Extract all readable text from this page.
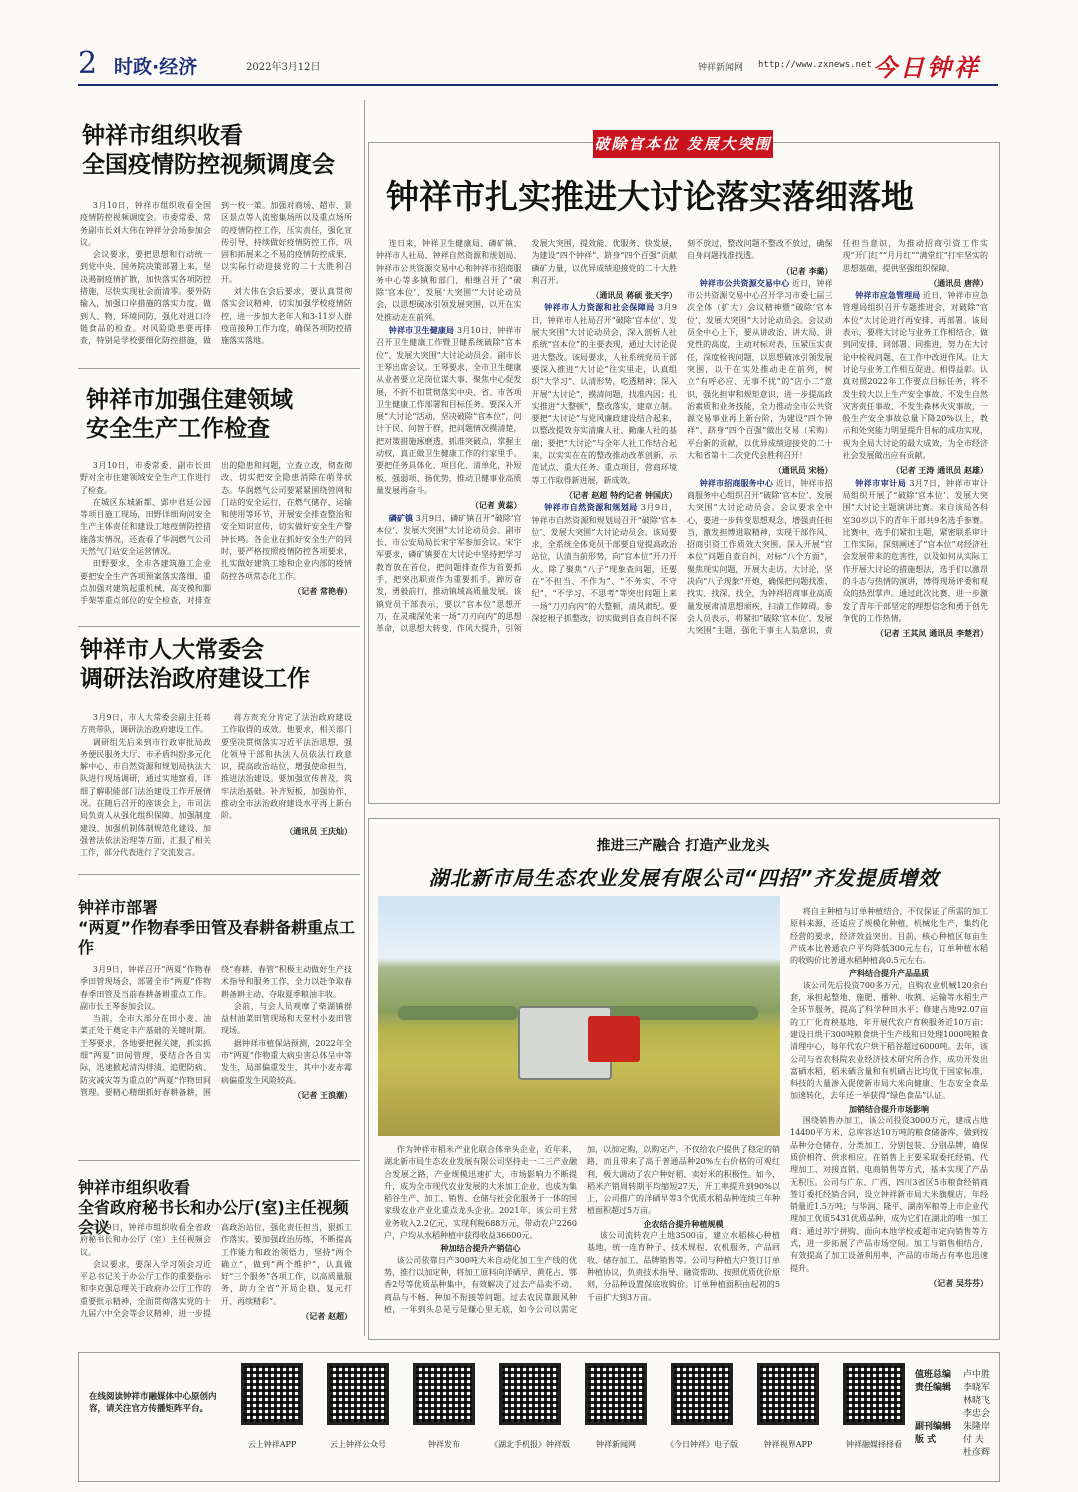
2 时政·经济	2022年3月12日	钟祥新闻网 http://www.zxnews.net 今日钟祥
钟祥市组织收看
全国疫情防控视频调度会

3月10日，钟祥市组织收看全国疫情防控视频调度会。市委常委、常务副市长刘大伟在钟祥分会场参加会议。

会议要求，要把思想和行动统一到党中央、国务院决策部署上来，坚决遏制疫情扩散，加快落实各项防控措施，尽快实现社会面清零。要外防输入，加强口岸措施的落实力度，做到人、物、环境同防，强化对进口冷链食品的检查。对风险隐患要再排查，特别是学校要细化防控措施，做到一校一策。加强对商场、超市、景区景点等人流密集场所以及重点场所的疫情防控工作，压实责任，强化宣传引导，持续做好疫情防控工作，巩固和拓展来之不易的疫情防控成果，以实际行动迎接党的二十大胜利召开。

刘大伟在会后要求，要认真贯彻落实会议精神，切实加强学校疫情防控，进一步加大老年人和3-11岁人群疫苗接种工作力度，确保各项防控措施落实落地。

钟祥市加强住建领域
安全生产工作检查

3月10日，市委常委、副市长田野对全市住建领域安全生产工作进行了检查。

在城区东城新都、郢中君廷公园等项目施工现场，田野详细询问安全生产主体责任和建设工地疫情防控措施落实情况，还查看了华润燃气公司天然气门站安全运营情况。

田野要求，全市各建筑施工企业要把安全生产各项预案落实落细，重点加强对建筑起重机械、高支模和脚手架等重点部位的安全检查，对排查出的隐患和问题，立查立改，彻查彻改，切实把安全隐患消除在萌芽状态。华润燃气公司要紧紧围绕管网和门站的安全运行，在燃气储存、运输和使用等环节，开展安全排查整治和安全知识宣传，切实做好安全生产警钟长鸣。各企业在抓好安全生产的同时，要严格按照疫情防控各项要求，扎实做好建筑工地和企业内部的疫情防控各项常态化工作。

（记者 常艳春）
钟祥市人大常委会
调研法治政府建设工作

3月9日，市人大常委会副主任蒋方贵带队，调研法治政府建设工作。

调研组先后来到市行政审批局政务便民服务大厅、市矛盾纠纷多元化解中心、市自然资源和规划局执法大队进行现场调研，通过实地察看，详细了解职能部门法治建设工作开展情况。在随后召开的座谈会上，市司法局负责人从强化组织保障、加强制度建设、加强机制体制规范化建设、加强普法依法治理等方面，汇报了相关工作，部分代表进行了交流发言。

蒋方贵充分肯定了法治政府建设工作取得的成效。他要求，相关部门要坚决贯彻落实习近平法治思想，强化领导干部和执法人员依法行政意识，提高政治站位，增强使命担当，推进法治建设。要加强宣传普及，筑牢法治基础。补齐短板，加强协作，推动全市法治政府建设水平再上新台阶。

（通讯员 王庆灿）
钟祥市部署
“两夏”作物春季田管及春耕备耕重点工作

3月9日，钟祥召开“两夏”作物春季田管现场会，部署全市“两夏”作物春季田管及当前春耕备耕重点工作。副市长王琴参加会议。

当前，全市大部分在田小麦、油菜正处于奠定丰产基础的关键时期。王琴要求，各地要把握关键，抓实抓细“两夏”田间管理，要结合各自实际，迅速掀起清沟排渍、追肥防病、防灾减灾等为重点的“两夏”作物田间管理。要精心精细抓好春耕备耕，围绕“春耕、春管”积极主动做好生产技术指导和服务工作，全力以赴争取春耕备耕主动、夺取夏季粮油丰收。

会前，与会人员观摩了柴湖镇群益村油菜田管现场和天堂村小麦田管现场。

据钟祥市植保站预测，2022年全市“两夏”作物重大病虫害总体呈中等发生，局部偏重发生，其中小麦赤霉病偏重发生风险较高。

（记者 王浪潮）
钟祥市组织收看
全省政府秘书长和办公厅(室)主任视频会议

3月9日，钟祥市组织收看全省政府秘书长和办公厅（室）主任视频会议。

会议要求，要深入学习领会习近平总书记关于办公厅工作的重要指示和李克强总理关于政府办公厅工作的重要批示精神，全面贯彻落实党的十九届六中全会等会议精神，进一步提高政治站位，强化责任担当，狠抓工作落实。要加强政治历练，不断提高工作能力和政治领悟力，坚持“两个确立”，做到“两个维护”，认真做好“三个服务”各项工作，以高质量服务，助力全省“开局企稳、复元打开、再续精彩”。

（记者 赵超）
破除官本位 发展大突围
钟祥市扎实推进大讨论落实落细落地

连日来，钟祥卫生健康局、磷矿镇、钟祥市人社局、钟祥自然资源和规划局、钟祥市公共资源交易中心和钟祥市招商服务中心等多镇和部门，相继召开了“破除‘官本位’、发展‘大突围’”大讨论动员会，以思想破冰引领发展突围，以开在实处推动走在前列。

钟祥市卫生健康局 3月10日，钟祥市召开卫生健康工作暨卫健系统破除“官本位”、发展大突围”大讨论动员会。副市长王琴出席会议。王琴要求，全市卫生健康从业者要立足岗位谋大事、聚焦中心促发展，不折不扣贯彻落实中央、省、市各项卫生健康工作部署和目标任务。要深入开展“大讨论”活动，坚决破除“官本位”，问计于民、问智于群，把问题情况摸清楚，把对策措施琢磨透，抓准突破点，掌握主动权，真正做卫生健康工作的行家里手。要把任务具体化、项目化、清单化，补短板、强弱项、扬优势，推动卫健事业高质量发展再奋斗。

（记者 黄蕊）

磷矿镇 3月9日，磷矿镇召开“破除‘官本位’、发展大突围”大讨论动员会。副市长、市公安局局长宋宇军参加会议。宋宇军要求，磷矿镇要在大讨论中坚持把学习教育放在首位，把问题排查作为首要抓手，把突出职责作为重要抓手，踔厉奋发，勇毅前行，推动镇域高质量发展。该镇党员干部表示，要以“官本位”思想开刀，在灵魂深处来一场“刀刃向内”的思想革命，以思想大转变、作风大提升，引领发展大突围，提效能、优服务、快发展，为建设“四个钟祥”、跻身“四个百强”贡献磷矿力量，以优异成绩迎接党的二十大胜利召开。

（通讯员 蒋硕 张天宇）

钟祥市人力资源和社会保障局 3月9日，钟祥市人社局召开“破除‘官本位’、发展大突围”大讨论动员会，深入剖析人社系统“官本位”的主要表现，通过大讨论促进大整改。该局要求，人社系统党员干部要深入推进“大讨论”往实里走，认真组织“大学习”、认清形势，吃透精神；深入开展“大讨论”，摸清问题，找准内因；扎实推进“大整顿”，整改落实，建章立制。要把“大讨论”与党风廉政建设结合起来，以整改提效夯实清廉人社、勤廉人社的基础；要把“大讨论”与全年人社工作结合起来，以实实在在的整改推动改革创新、示范试点、重大任务、重点项目，营商环境等工作取得新进展，新成效。

（记者 赵超 特约记者 钟国庆）

钟祥市自然资源和规划局 3月9日，钟祥市自然资源和规划局召开“破除‘官本位’、发展大突围”大讨论动员会。该局要求，全系统全体党员干部要自觉提高政治站位，认清当前形势，向“官本位”开刀开火。除了聚焦“八子”现象查问题，还要在“不担当、不作为”、“不务实、不守纪”、“不学习、不思考”等突出问题上来一场“刀刃向内”的大整顿，清风肃纪。要深挖根子抓整改，切实做到自查自纠不深刻不放过，整改问题不整改不放过，确保自身问题找准找透。

（记者 李璐）

钟祥市公共资源交易中心 近日，钟祥市公共资源交易中心召开学习市委七届三次全体（扩大）会议精神暨“破除‘官本位’、发展大突围”大讨论动员会。会议动员全中心上下，要从讲政治、讲大局、讲党性的高度，主动对标对表，压紧压实责任，深度检视问题，以思想破冰引领发展突围，以干在实处推动走在前列，树立“有呼必应、无事不扰”的“店小二”意识，强化担审和规矩意识，进一步提高政治素质和业务技能，全力推动全市公共资源交易事业再上新台阶，为建设“四个钟祥”、跻身“四个百强”做出交易（采购）平台新的贡献，以优异成绩迎接党的二十大和省第十二次党代会胜利召开！

（通讯员 宋杨）

钟祥市招商服务中心 近日，钟祥市招商服务中心组织召开“破除‘官本位’、发展大突围”大讨论动员会。会议要求全中心，要进一步转变思想观念，增强责任担当，激发担博进取精神，实现干部作风、招商引资工作质效大突围。深入开展“官本位”问题自查自纠，对标“八个方面”，聚焦现实问题，开展大走访、大讨论，坚决向“八子现象”开炮，确保把问题找准、找实、找深、找全，为钟祥招商事业高质量发展肃清思想顽疾，扫清工作障碍。参会人员表示，将紧扣“破除‘官本位’、发展大突围”主题，强化干事主人翁意识，责任担当意识，为推动招商引资工作实现“开门红”“月月红”“满堂红”打牢坚实的思想基础，提供坚强组织保障。

（通讯员 唐萍）

钟祥市应急管理局 近日，钟祥市应急管理局组织召开专题推进会，对破除“官本位”大讨论进行再安排、再部署。该局表示，要将大讨论与业务工作相结合，做到同安排、同部署、同推进，努力在大讨论中检视问题、在工作中改进作风。让大讨论与业务工作相互促进、相得益彰。认真对照2022年工作要点目标任务，将不发生较大以上生产安全事故、不发生自然灾害责任事故、不发生森林火灾事故，一般生产安全事故总量下降20%以上，教示和处突能力明显提升目标的成功实现，视为全局大讨论的最大成效，为全市经济社会发展做出应有贡献。

（记者 王涛 通讯员 赵雄）

钟祥市审计局 3月7日，钟祥市审计局组织开展了“破除‘官本位’、发展大突围”大讨论主题演讲比赛。来自该局各科室30岁以下的青年干部共9名选手参赛。比赛中，选手们紧扣主题，紧密联系审计工作实际，深刻阐述了“官本位”对经济社会发展带来的危害性，以及如何从实际工作开展大讨论的措施想法，选手们以激昂的斗志与热情的演讲，博得现场评委和观众的热烈掌声。通过此次比赛，进一步激发了青年干部坚定的理想信念和勇于创先争优的工作热情。

（记者 王其凤 通讯员 李楚君）
推进三产融合 打造产业龙头
湖北新市局生态农业发展有限公司“四招”齐发提质增效

将自主种植与订单种植结合，不仅保证了所需的加工原料来源，还适应了规模化种植，机械化生产，集约化经营的要求，经济效益突出。目前，核心种植区每亩生产成本比普通农户平均降低300元左右，订单种植水稻的收购价比普通水稻种植高0.5元左右。

产科结合提升产品品质

该公司先后投资700多万元，自购农业机械120余台套，承担起整地、施肥、播种、收割、运输等水稻生产全环节服务，提高了科学种田水平；修建占地92.07亩的工厂化育秧基地，年开展代农户育秧服务近10万亩；建设日烘干300吨粮食烘干生产线和日处理1000吨粮食清理中心，每年代农户烘干稻谷超过6000吨。去年，该公司与省农科院农业经济技术研究所合作，成功开发出富硒水稻，稻米硒含量和有机硒占比均优于国家标准，科技的大量渗入促使新市局大米向健康、生态安全食品加速转化，去年还一举获得“绿色食品”认证。

加销结合提升市场影响

围绕销售办加工，该公司投资3000万元，建成占地14400平方米、总库容达10万吨的粮食储备库，做到按品种分仓储存、分类加工、分别包装、分别品牌，确保质价相符、供求相应。在销售上主要采取委托经销、代理加工、对接直销、电商销售等方式，基本实现了产品无积压。公司与广东、广西、四川3省区5市粮食经销商签订委托经销合同，设立钟祥新市局大米旗舰店，年经销量近1.5万吨；与华润、隆平、湖南军粮等上市企业代理加工优质5431优质品种，成为它们在湖北的唯一加工商；通过苏宁拼购、面向本地学校或超市定向销售等方式，进一步拓展了产品市场空间。加工与销售相结合，有效提高了加工设备利用率，产品的市场占有率也迅速提升。

（记者 吴芬芬）

作为钟祥市稻米产业化联合体牵头企业，近年来，湖北新市局生态农业发展有限公司坚持走一二三产业融合发展之路，产业规模迅速扩大，市场影响力不断提升，成为全市现代农业发展的大米加工企业，也成为集稻谷生产、加工、销售、仓储与社会化服务于一体的国家级农业产业化重点龙头企业。2021年，该公司主营业务收入2.2亿元，实现利税688万元，带动农户2260户，户均从水稻种植中获得收益36600元。

种加结合提升产销信心

该公司依靠日产300吨大米自动化加工生产线的优势，推行以加定种，将加工原料向洋硒早、黄花占、鄂香2号等优质品种集中，有效解决了过去产品卖不动、商品与不畅、种加不衔接等问题。过去农民靠跟风种植，一年到头总是亏是赚心里无底，如今公司以需定加，以加定购，以购定产，不仅给农户提供了稳定的销路，而且带来了高于普通品种20%左右价格的可观红利，极大调动了农户种好稻、卖好米的积极性。如今，稻米产销周转期平均缩短27天，开工率提升到90%以上，公司推广的洋硒早等3个优质水稻品种连续三年种植面积超过5万亩。

企农结合提升种植规模

该公司流转农户土地3500亩，建立水稻核心种植基地，统一连育种子、技术规程、农机服务、产品回收、储存加工、品牌销售等。公司与种植大户签订订单种植协议，负责技术指导、融资帮助、按照优质优价原则，分品种设置保底收购价。订单种植面积由起初的5千亩扩大到3万亩。

在线阅读钟祥市融媒体中心原创内容，请关注官方传播矩阵平台。
云上钟祥APP	云上钟祥公众号	钟祥发布	《湖北手机报》钟祥版	钟祥新闻网	《今日钟祥》电子版	钟祥视界APP	钟祥融媒择择看
值班总编
责任编辑

副刊编辑
版 式
卢中胜
李晓军
林晓飞
李忠会
朱隆岸
付 夫
杜彦辉
